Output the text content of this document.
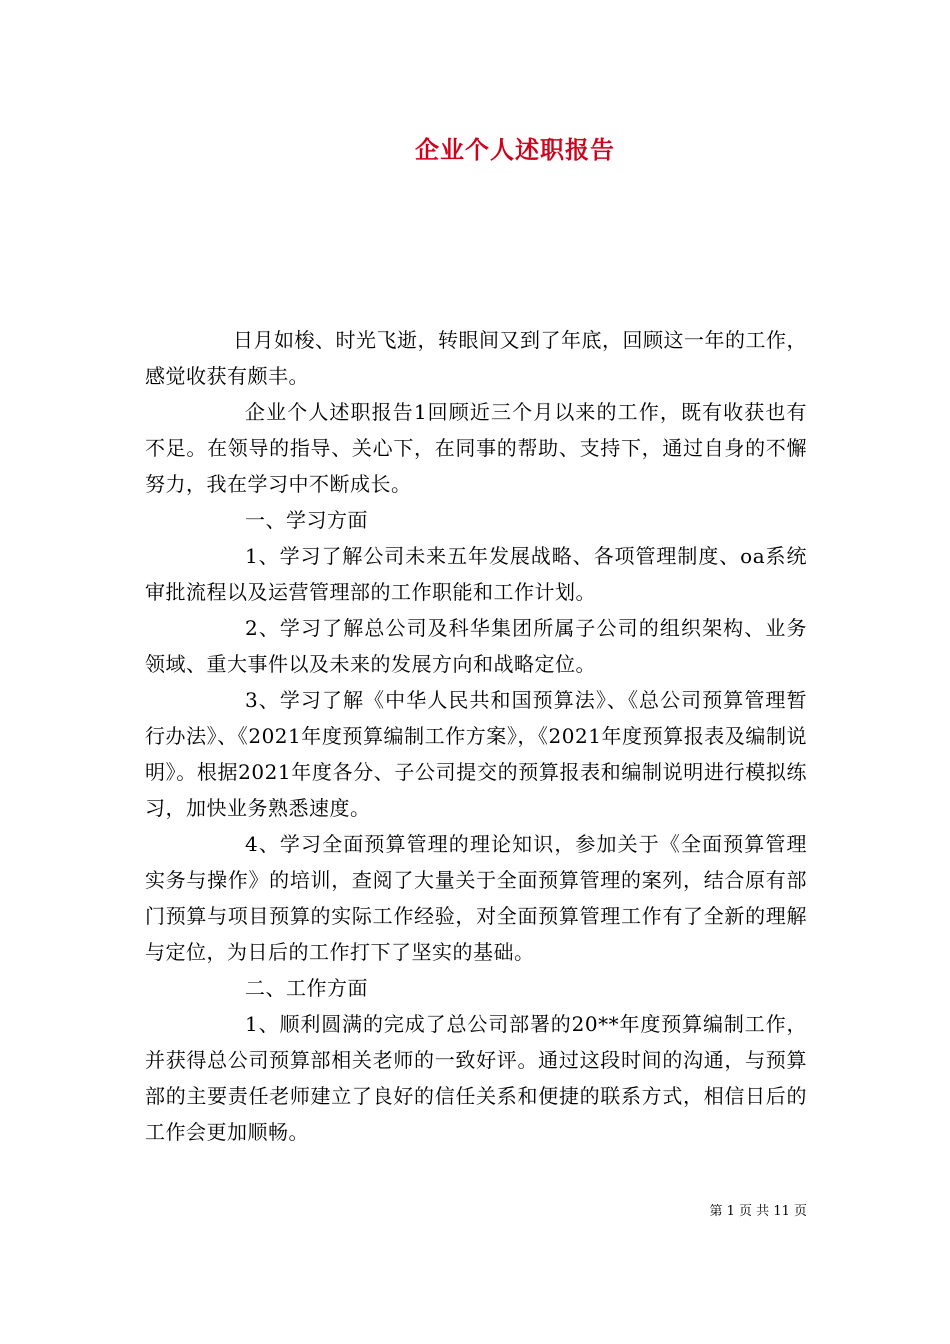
企业个人述职报告

日月如梭、时光飞逝，转眼间又到了年底，回顾这一年的工作，感觉收获有颇丰。

企业个人述职报告1回顾近三个月以来的工作，既有收获也有不足。在领导的指导、关心下，在同事的帮助、支持下，通过自身的不懈努力，我在学习中不断成长。

一、学习方面

1、学习了解公司未来五年发展战略、各项管理制度、oa系统审批流程以及运营管理部的工作职能和工作计划。

2、学习了解总公司及科华集团所属子公司的组织架构、业务领域、重大事件以及未来的发展方向和战略定位。

3、学习了解《中华人民共和国预算法》、《总公司预算管理暂行办法》、《2021年度预算编制工作方案》，《2021年度预算报表及编制说明》。根据2021年度各分、子公司提交的预算报表和编制说明进行模拟练习，加快业务熟悉速度。

4、学习全面预算管理的理论知识，参加关于《全面预算管理实务与操作》的培训，查阅了大量关于全面预算管理的案列，结合原有部门预算与项目预算的实际工作经验，对全面预算管理工作有了全新的理解与定位，为日后的工作打下了坚实的基础。

二、工作方面

1、顺利圆满的完成了总公司部署的20**年度预算编制工作，并获得总公司预算部相关老师的一致好评。通过这段时间的沟通，与预算部的主要责任老师建立了良好的信任关系和便捷的联系方式，相信日后的工作会更加顺畅。

第 1 页 共 11 页
